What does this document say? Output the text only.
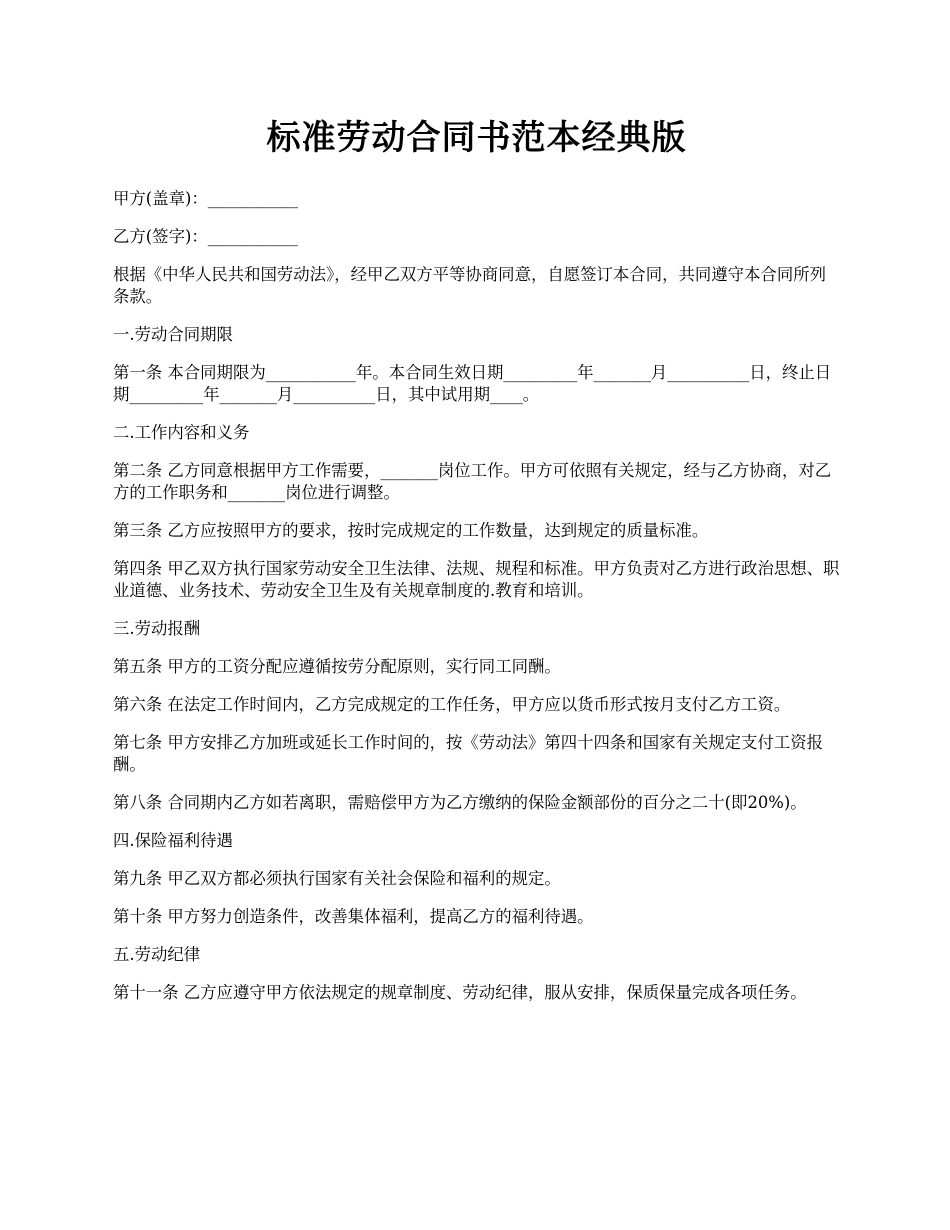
标准劳动合同书范本经典版

甲方(盖章)：___________

乙方(签字)：___________

根据《中华人民共和国劳动法》，经甲乙双方平等协商同意，自愿签订本合同，共同遵守本合同所列条款。

一.劳动合同期限

第一条 本合同期限为___________年。本合同生效日期_________年_______月__________日，终止日期_________年_______月__________日，其中试用期____。

二.工作内容和义务

第二条 乙方同意根据甲方工作需要，_______岗位工作。甲方可依照有关规定，经与乙方协商，对乙方的工作职务和_______岗位进行调整。

第三条 乙方应按照甲方的要求，按时完成规定的工作数量，达到规定的质量标准。

第四条 甲乙双方执行国家劳动安全卫生法律、法规、规程和标准。甲方负责对乙方进行政治思想、职业道德、业务技术、劳动安全卫生及有关规章制度的.教育和培训。

三.劳动报酬

第五条 甲方的工资分配应遵循按劳分配原则，实行同工同酬。

第六条 在法定工作时间内，乙方完成规定的工作任务，甲方应以货币形式按月支付乙方工资。

第七条 甲方安排乙方加班或延长工作时间的，按《劳动法》第四十四条和国家有关规定支付工资报酬。

第八条 合同期内乙方如若离职，需赔偿甲方为乙方缴纳的保险金额部份的百分之二十(即20%)。

四.保险福利待遇

第九条 甲乙双方都必须执行国家有关社会保险和福利的规定。

第十条 甲方努力创造条件，改善集体福利，提高乙方的福利待遇。

五.劳动纪律

第十一条 乙方应遵守甲方依法规定的规章制度、劳动纪律，服从安排，保质保量完成各项任务。
